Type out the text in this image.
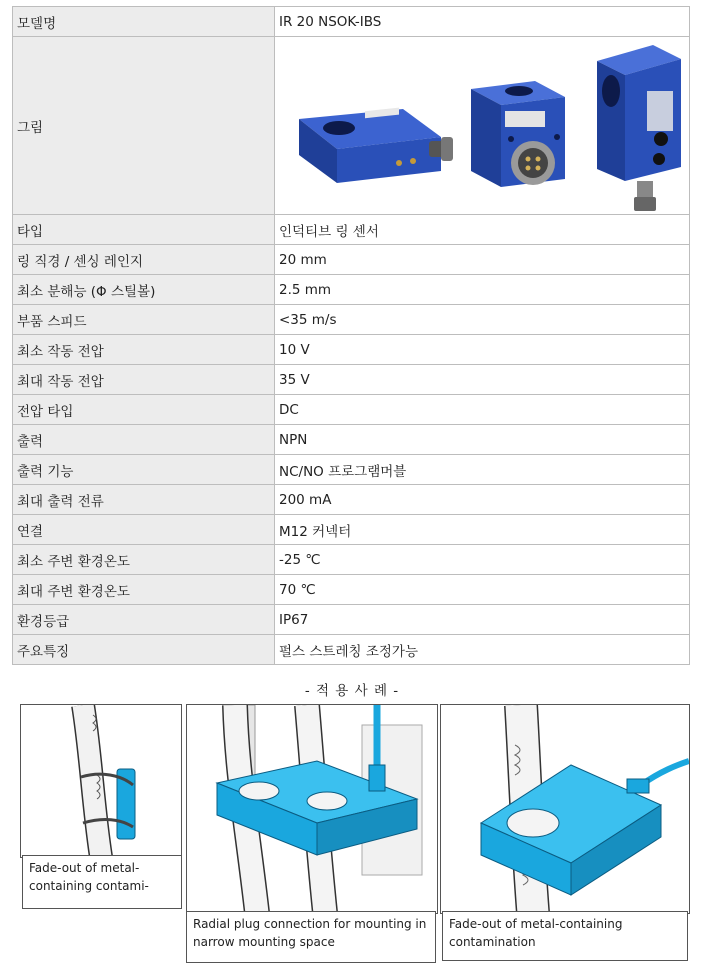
모델명	IR 20 NSOK-IBS
그림	

타입	인덕티브 링 센서
링 직경 / 센싱 레인지	20 mm
최소 분해능 (Φ 스틸볼)	2.5 mm
부품 스피드	<35 m/s
최소 작동 전압	10 V
최대 작동 전압	35 V
전압 타입	DC
출력	NPN
출력 기능	NC/NO 프로그램머블
최대 출력 전류	200 mA
연결	M12 커넥터
최소 주변 환경온도	-25 ℃
최대 주변 환경온도	70 ℃
환경등급	IP67
주요특징	펄스 스트레칭 조정가능
- 적 용 사 례 -
Fade-out of metal-containing contami-
Radial plug connection for mounting in narrow mounting space
Fade-out of metal-containing contamination
